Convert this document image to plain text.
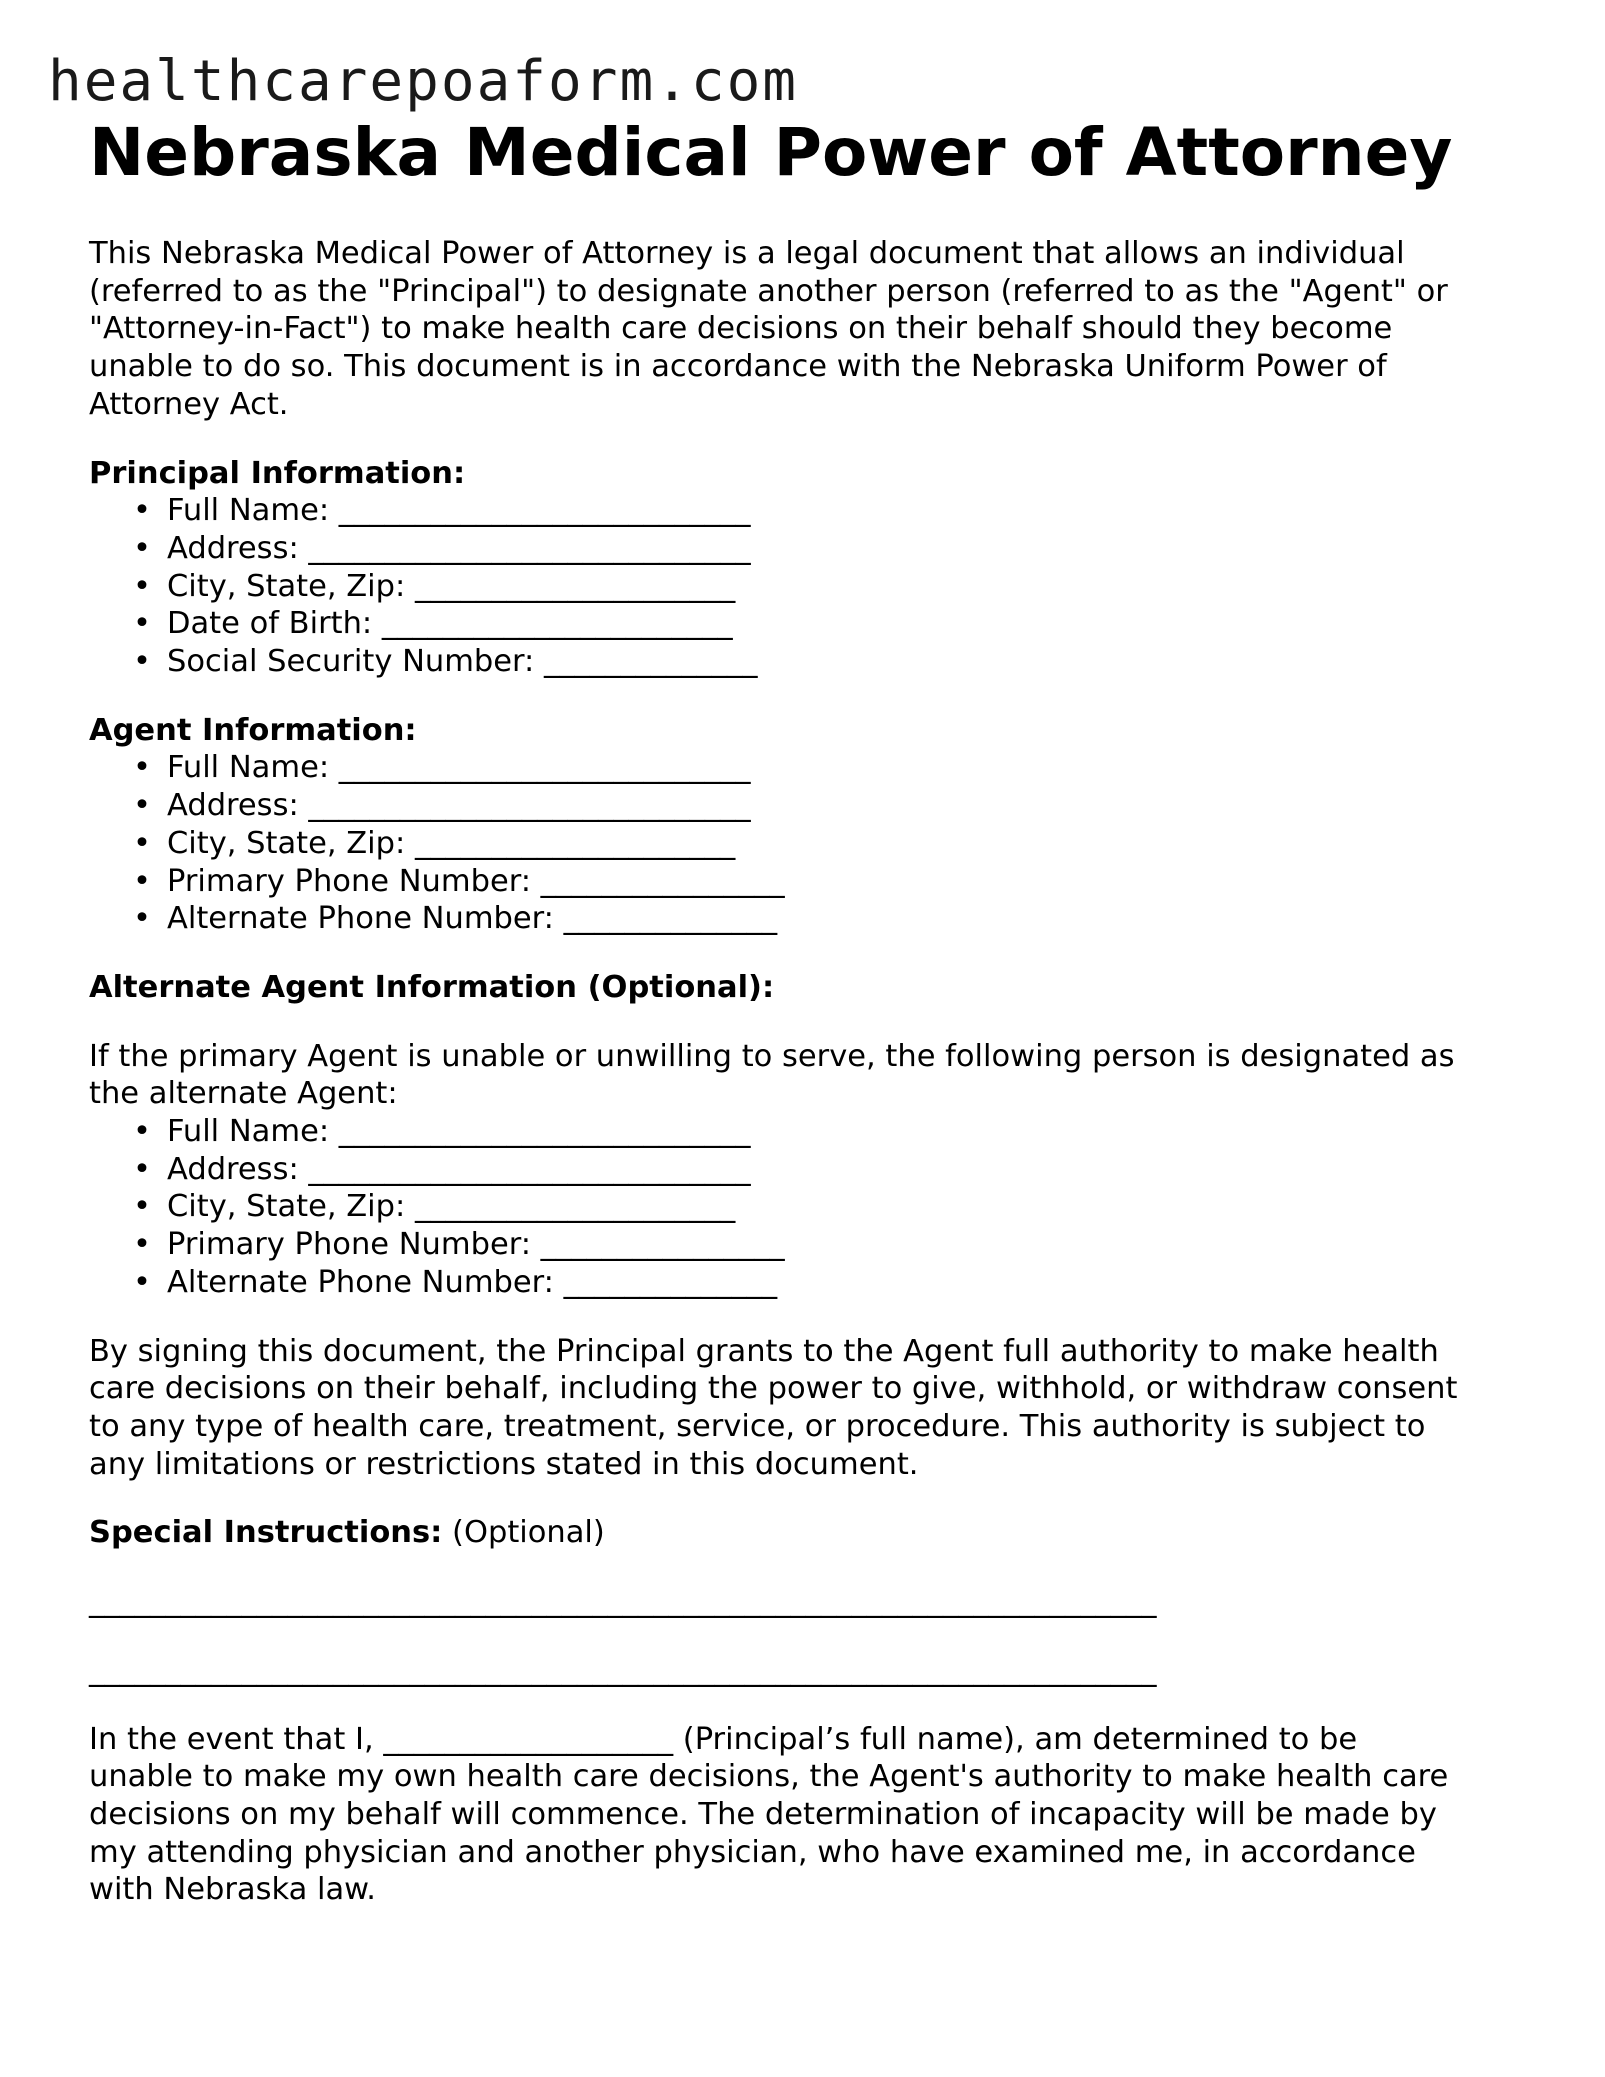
healthcarepoaform.com
Nebraska Medical Power of Attorney

This Nebraska Medical Power of Attorney is a legal document that allows an individual

(referred to as the "Principal") to designate another person (referred to as the "Agent" or

"Attorney-in-Fact") to make health care decisions on their behalf should they become

unable to do so. This document is in accordance with the Nebraska Uniform Power of

Attorney Act.

Principal Information:

• Full Name: ___________________________
• Address: _____________________________
• City, State, Zip: _____________________
• Date of Birth: _______________________
• Social Security Number: ______________

Agent Information:

• Full Name: ___________________________
• Address: _____________________________
• City, State, Zip: _____________________
• Primary Phone Number: ________________
• Alternate Phone Number: ______________

Alternate Agent Information (Optional):

If the primary Agent is unable or unwilling to serve, the following person is designated as

the alternate Agent:

• Full Name: ___________________________
• Address: _____________________________
• City, State, Zip: _____________________
• Primary Phone Number: ________________
• Alternate Phone Number: ______________

By signing this document, the Principal grants to the Agent full authority to make health

care decisions on their behalf, including the power to give, withhold, or withdraw consent

to any type of health care, treatment, service, or procedure. This authority is subject to

any limitations or restrictions stated in this document.

Special Instructions: (Optional)

______________________________________________________________________

______________________________________________________________________

In the event that I, ___________________ (Principal’s full name), am determined to be

unable to make my own health care decisions, the Agent's authority to make health care

decisions on my behalf will commence. The determination of incapacity will be made by

my attending physician and another physician, who have examined me, in accordance

with Nebraska law.
